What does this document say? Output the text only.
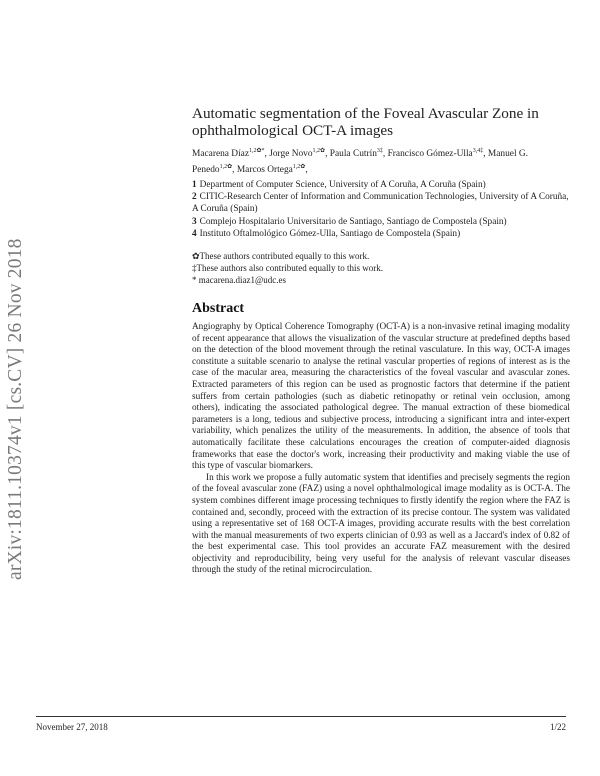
arXiv:1811.10374v1 [cs.CV] 26 Nov 2018
Automatic segmentation of the Foveal Avascular Zone in ophthalmological OCT-A images
Macarena Díaz$^{1,2✿*}$, Jorge Novo$^{1,2✿}$, Paula Cutrín$^{3\ddagger}$, Francisco Gómez-Ulla$^{3,4\ddagger}$, Manuel G. Penedo$^{1,2✿}$, Marcos Ortega$^{1,2✿}$,
1 Department of Computer Science, University of A Coruña, A Coruña (Spain)
2 CITIC-Research Center of Information and Communication Technologies, University of A Coruña, A Coruña (Spain)
3 Complejo Hospitalario Universitario de Santiago, Santiago de Compostela (Spain)
4 Instituto Oftalmológico Gómez-Ulla, Santiago de Compostela (Spain)
✿These authors contributed equally to this work.
‡These authors also contributed equally to this work.
* macarena.diaz1@udc.es
Abstract

Angiography by Optical Coherence Tomography (OCT-A) is a non-invasive retinal imaging modality of recent appearance that allows the visualization of the vascular structure at predefined depths based on the detection of the blood movement through the retinal vasculature. In this way, OCT-A images constitute a suitable scenario to analyse the retinal vascular properties of regions of interest as is the case of the macular area, measuring the characteristics of the foveal vascular and avascular zones. Extracted parameters of this region can be used as prognostic factors that determine if the patient suffers from certain pathologies (such as diabetic retinopathy or retinal vein occlusion, among others), indicating the associated pathological degree. The manual extraction of these biomedical parameters is a long, tedious and subjective process, introducing a significant intra and inter-expert variability, which penalizes the utility of the measurements. In addition, the absence of tools that automatically facilitate these calculations encourages the creation of computer-aided diagnosis frameworks that ease the doctor's work, increasing their productivity and making viable the use of this type of vascular biomarkers.

In this work we propose a fully automatic system that identifies and precisely segments the region of the foveal avascular zone (FAZ) using a novel ophthalmological image modality as is OCT-A. The system combines different image processing techniques to firstly identify the region where the FAZ is contained and, secondly, proceed with the extraction of its precise contour. The system was validated using a representative set of 168 OCT-A images, providing accurate results with the best correlation with the manual measurements of two experts clinician of 0.93 as well as a Jaccard's index of 0.82 of the best experimental case. This tool provides an accurate FAZ measurement with the desired objectivity and reproducibility, being very useful for the analysis of relevant vascular diseases through the study of the retinal microcirculation.

November 27, 2018	1/22
